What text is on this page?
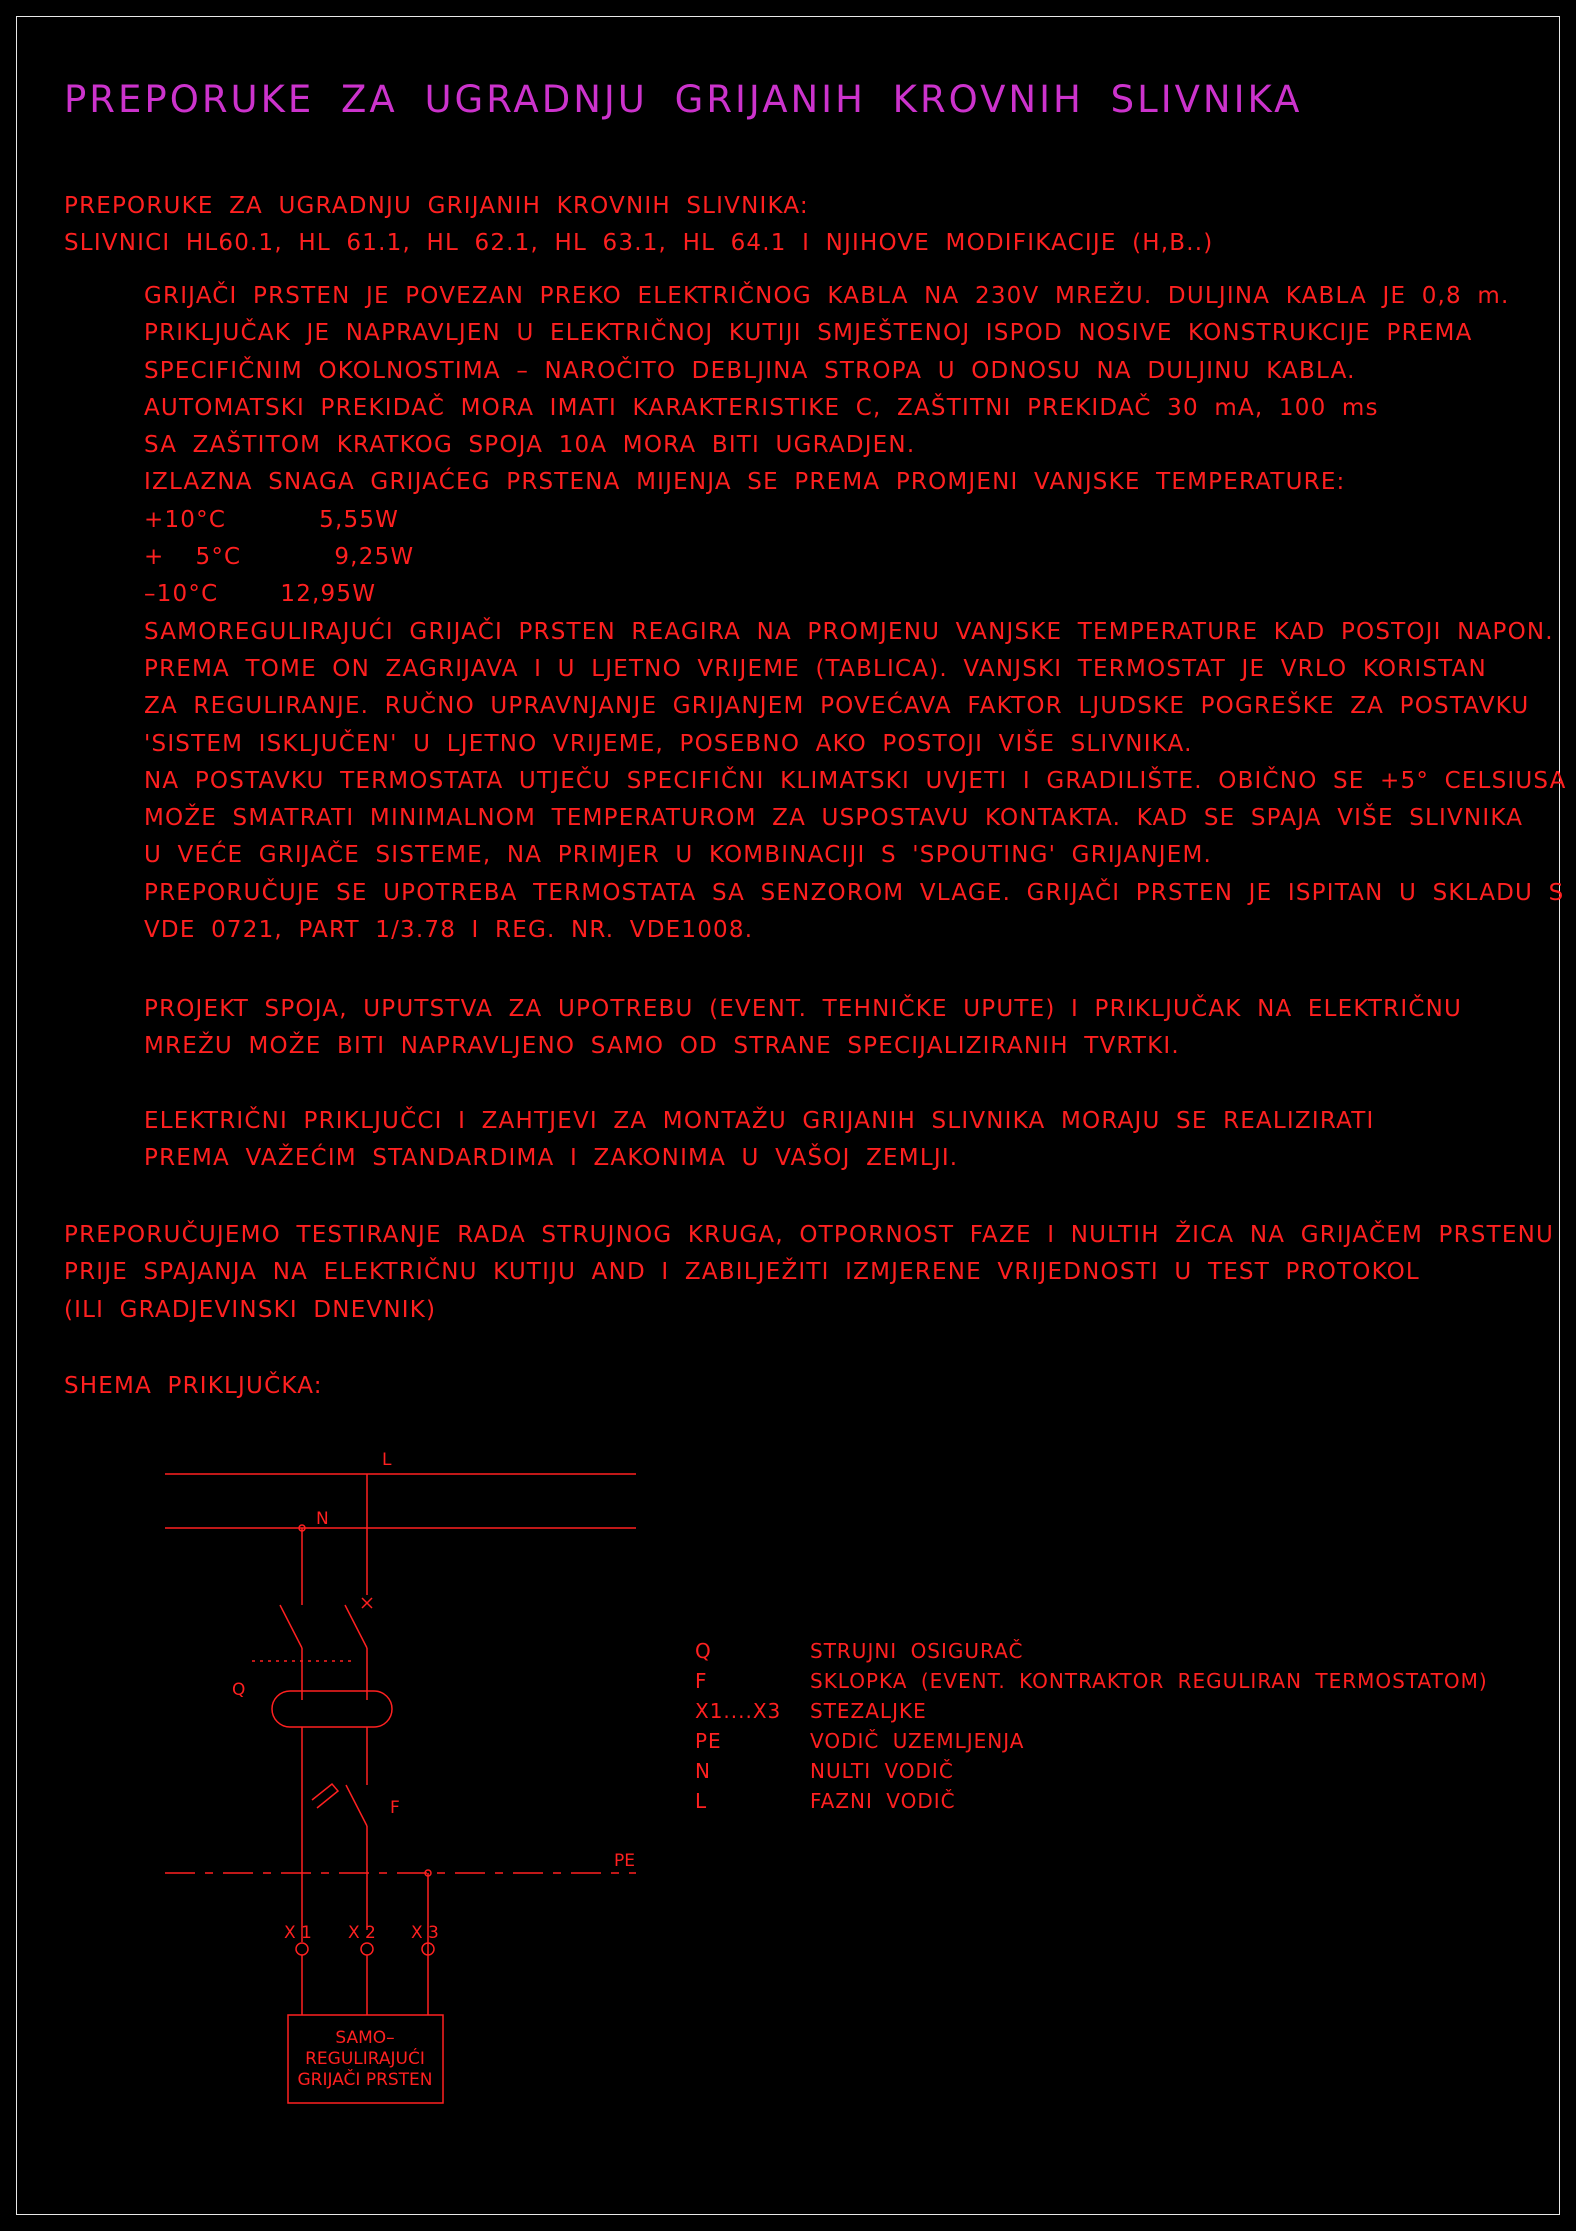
PREPORUKE ZA UGRADNJU GRIJANIH KROVNIH SLIVNIKA
PREPORUKE ZA UGRADNJU GRIJANIH KROVNIH SLIVNIKA:
SLIVNICI HL60.1, HL 61.1, HL 62.1, HL 63.1, HL 64.1 I NJIHOVE MODIFIKACIJE (H,B..)
GRIJAČI PRSTEN JE POVEZAN PREKO ELEKTRIČNOG KABLA NA 230V MREŽU. DULJINA KABLA JE 0,8 m.
PRIKLJUČAK JE NAPRAVLJEN U ELEKTRIČNOJ KUTIJI SMJEŠTENOJ ISPOD NOSIVE KONSTRUKCIJE PREMA
SPECIFIČNIM OKOLNOSTIMA – NAROČITO DEBLJINA STROPA U ODNOSU NA DULJINU KABLA.
AUTOMATSKI PREKIDAČ MORA IMATI KARAKTERISTIKE C, ZAŠTITNI PREKIDAČ 30 mA, 100 ms
SA ZAŠTITOM KRATKOG SPOJA 10A MORA BITI UGRADJEN.
IZLAZNA SNAGA GRIJAĆEG PRSTENA MIJENJA SE PREMA PROMJENI VANJSKE TEMPERATURE:
+10°C      5,55W
+  5°C      9,25W
–10°C    12,95W
SAMOREGULIRAJUĆI GRIJAČI PRSTEN REAGIRA NA PROMJENU VANJSKE TEMPERATURE KAD POSTOJI NAPON.
PREMA TOME ON ZAGRIJAVA I U LJETNO VRIJEME (TABLICA). VANJSKI TERMOSTAT JE VRLO KORISTAN
ZA REGULIRANJE. RUČNO UPRAVNJANJE GRIJANJEM POVEĆAVA FAKTOR LJUDSKE POGREŠKE ZA POSTAVKU
'SISTEM ISKLJUČEN' U LJETNO VRIJEME, POSEBNO AKO POSTOJI VIŠE SLIVNIKA.
NA POSTAVKU TERMOSTATA UTJEČU SPECIFIČNI KLIMATSKI UVJETI I GRADILIŠTE. OBIČNO SE +5° CELSIUSA
MOŽE SMATRATI MINIMALNOM TEMPERATUROM ZA USPOSTAVU KONTAKTA. KAD SE SPAJA VIŠE SLIVNIKA
U VEĆE GRIJAČE SISTEME, NA PRIMJER U KOMBINACIJI S 'SPOUTING' GRIJANJEM.
PREPORUČUJE SE UPOTREBA TERMOSTATA SA SENZOROM VLAGE. GRIJAČI PRSTEN JE ISPITAN U SKLADU S
VDE 0721, PART 1/3.78 I REG. NR. VDE1008.
PROJEKT SPOJA, UPUTSTVA ZA UPOTREBU (EVENT. TEHNIČKE UPUTE) I PRIKLJUČAK NA ELEKTRIČNU
MREŽU MOŽE BITI NAPRAVLJENO SAMO OD STRANE SPECIJALIZIRANIH TVRTKI.
ELEKTRIČNI PRIKLJUČCI I ZAHTJEVI ZA MONTAŽU GRIJANIH SLIVNIKA MORAJU SE REALIZIRATI
PREMA VAŽEĆIM STANDARDIMA I ZAKONIMA U VAŠOJ ZEMLJI.
PREPORUČUJEMO TESTIRANJE RADA STRUJNOG KRUGA, OTPORNOST FAZE I NULTIH ŽICA NA GRIJAČEM PRSTENU
PRIJE SPAJANJA NA ELEKTRIČNU KUTIJU AND I ZABILJEŽITI IZMJERENE VRIJEDNOSTI U TEST PROTOKOL
(ILI GRADJEVINSKI DNEVNIK)
SHEMA PRIKLJUČKA:
L
N
Q
F
PE
X 1 X 2 X 3
SAMO–
REGULIRAJUĆI
GRIJAČI PRSTEN
Q	STRUJNI OSIGURAČ
F	SKLOPKA (EVENT. KONTRAKTOR REGULIRAN TERMOSTATOM)
X1....X3 STEZALJKE
PE	VODIČ UZEMLJENJA
N	NULTI VODIČ
L	FAZNI VODIČ
